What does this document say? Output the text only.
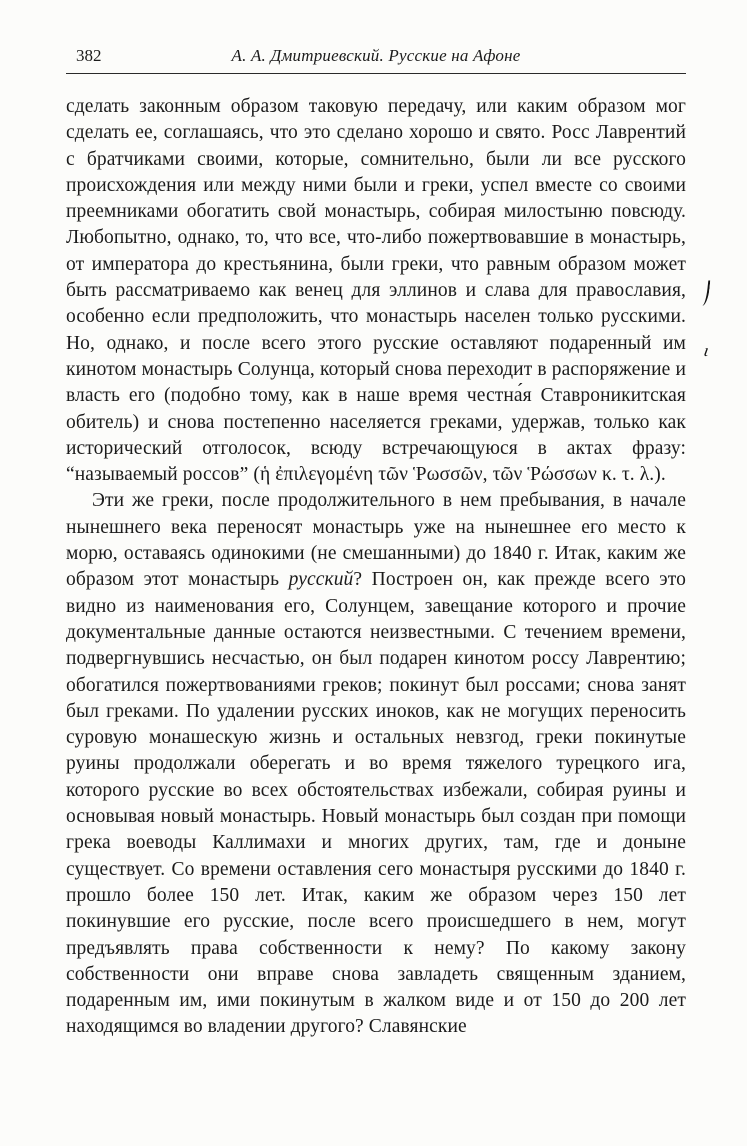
382	А. А. Дмитриевский. Русские на Афоне

сделать законным образом таковую передачу, или каким образом мог сделать ее, соглашаясь, что это сделано хорошо и свято. Росс Лаврентий с братчиками своими, которые, сомнительно, были ли все русского происхождения или между ними были и греки, успел вместе со своими преемниками обогатить свой монастырь, собирая милостыню повсюду. Любопытно, однако, то, что все, что-либо пожертвовавшие в монастырь, от императора до крестьянина, были греки, что равным образом может быть рассматриваемо как венец для эллинов и слава для православия, особенно если предположить, что монастырь населен только русскими. Но, однако, и после всего этого русские оставляют подаренный им кинотом монастырь Солунца, который снова переходит в распоряжение и власть его (подобно тому, как в наше время честна́я Ставроникитская обитель) и снова постепенно населяется греками, удержав, только как исторический отголосок, всюду встречающуюся в актах фразу: “называемый россов” (ἡ ἐπιλεγομένη τῶν Ῥωσσῶν, τῶν Ῥώσσων κ. τ. λ.).

Эти же греки, после продолжительного в нем пребывания, в начале нынешнего века переносят монастырь уже на нынешнее его место к морю, оставаясь одинокими (не смешанными) до 1840 г. Итак, каким же образом этот монастырь русский? Построен он, как прежде всего это видно из наименования его, Солунцем, завещание которого и прочие документальные данные остаются неизвестными. С течением времени, подвергнувшись несчастью, он был подарен кинотом россу Лаврентию; обогатился пожертвованиями греков; покинут был россами; снова занят был греками. По удалении русских иноков, как не могущих переносить суровую монашескую жизнь и остальных невзгод, греки покинутые руины продолжали оберегать и во время тяжелого турецкого ига, которого русские во всех обстоятельствах избежали, собирая руины и основывая новый монастырь. Новый монастырь был создан при помощи грека воеводы Каллимахи и многих других, там, где и доныне существует. Со времени оставления сего монастыря русскими до 1840 г. прошло более 150 лет. Итак, каким же образом через 150 лет покинувшие его русские, после всего происшедшего в нем, могут предъявлять права собственности к нему? По какому закону собственности они вправе снова завладеть священным зданием, подаренным им, ими покинутым в жалком виде и от 150 до 200 лет находящимся во владении другого? Славянские

ι
